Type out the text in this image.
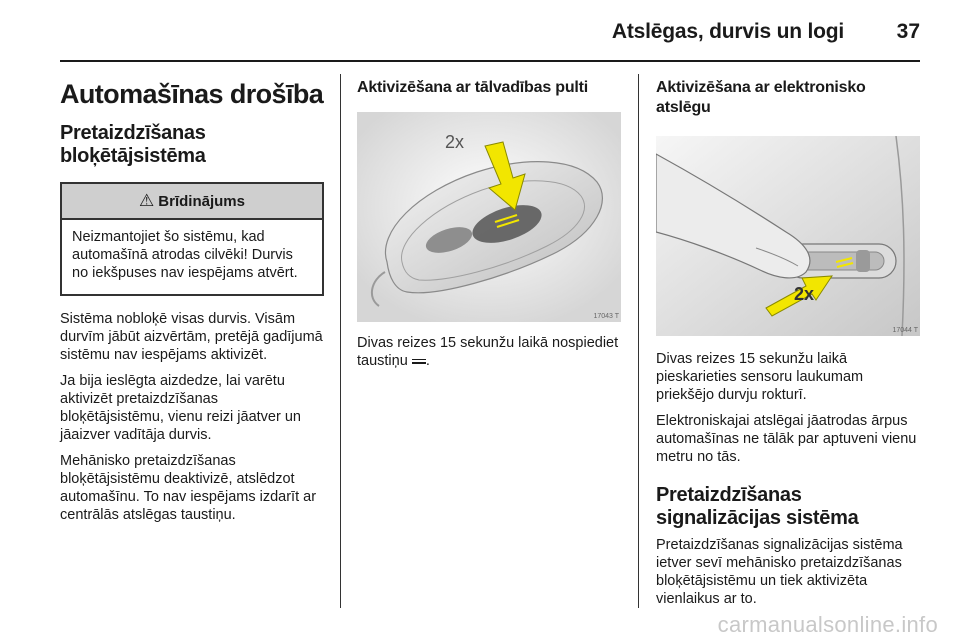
Atslēgas, durvis un logi	37
Automašīnas drošība
Pretaizdzīšanas bloķētājsistēma
⚠ Brīdinājums
Neizmantojiet šo sistēmu, kad automašīnā atrodas cilvēki! Durvis no iekšpuses nav iespējams atvērt.

Sistēma nobloķē visas durvis. Visām durvīm jābūt aizvērtām, pretējā gadījumā sistēmu nav iespējams aktivizēt.

Ja bija ieslēgta aizdedze, lai varētu aktivizēt pretaizdzīšanas bloķētājsistēmu, vienu reizi jāatver un jāaizver vadītāja durvis.

Mehānisko pretaizdzīšanas bloķētājsistēmu deaktivizē, atslēdzot automašīnu. To nav iespējams izdarīt ar centrālās atslēgas taustiņu.

Aktivizēšana ar tālvadības pulti
2x
17043 T

Divas reizes 15 sekunžu laikā nospiediet taustiņu .

Aktivizēšana ar elektronisko atslēgu
2x
17044 T

Divas reizes 15 sekunžu laikā pieskarieties sensoru laukumam priekšējo durvju rokturī.

Elektroniskajai atslēgai jāatrodas ārpus automašīnas ne tālāk par aptuveni vienu metru no tās.

Pretaizdzīšanas signalizācijas sistēma

Pretaizdzīšanas signalizācijas sistēma ietver sevī mehānisko pretaizdzīšanas bloķētājsistēmu un tiek aktivizēta vienlaikus ar to.

carmanualsonline.info
